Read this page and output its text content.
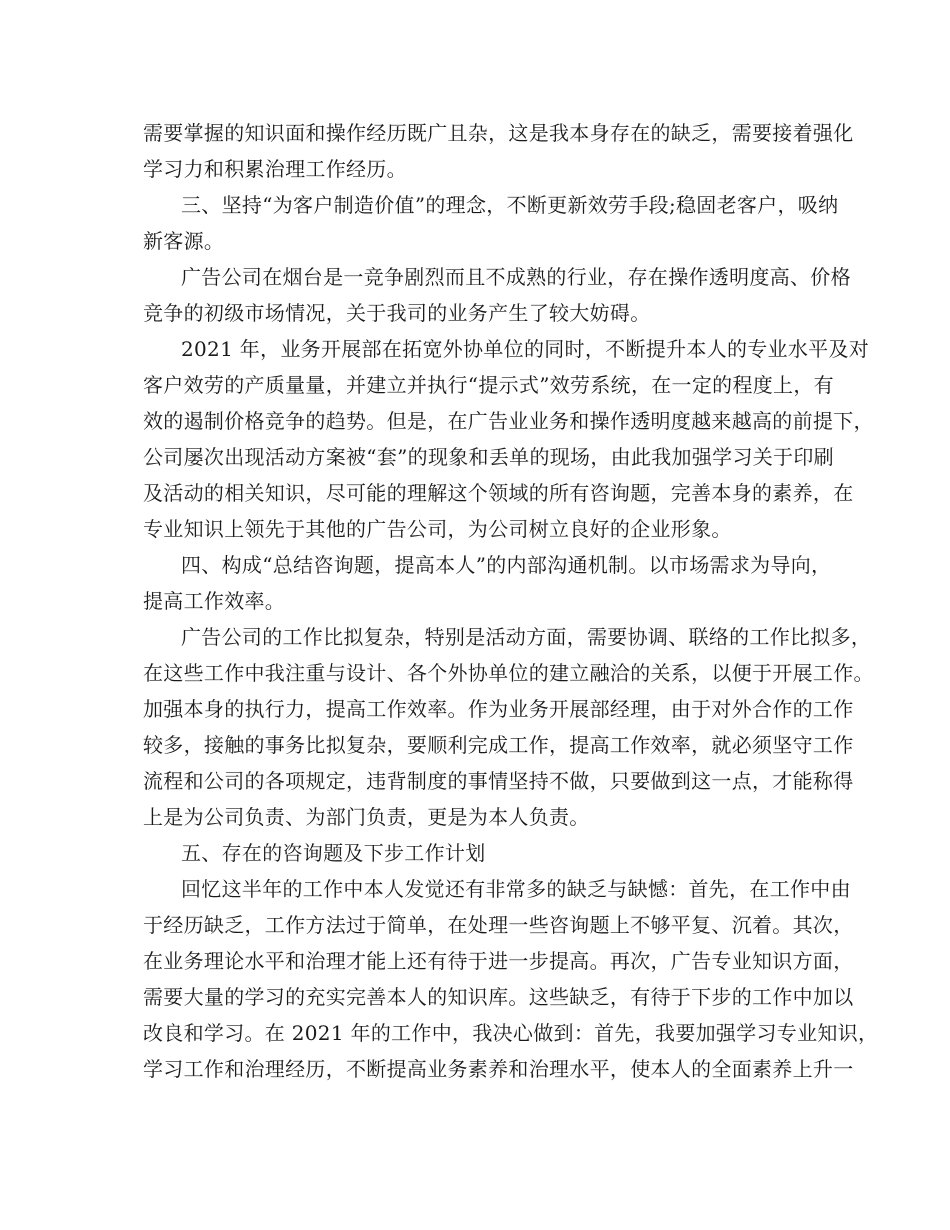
需要掌握的知识面和操作经历既广且杂，这是我本身存在的缺乏，需要接着强化
学习力和积累治理工作经历。
三、坚持“为客户制造价值”的理念，不断更新效劳手段;稳固老客户，吸纳
新客源。
广告公司在烟台是一竞争剧烈而且不成熟的行业，存在操作透明度高、价格
竞争的初级市场情况，关于我司的业务产生了较大妨碍。
2021 年，业务开展部在拓宽外协单位的同时，不断提升本人的专业水平及对
客户效劳的产质量量，并建立并执行“提示式”效劳系统，在一定的程度上，有
效的遏制价格竞争的趋势。但是，在广告业业务和操作透明度越来越高的前提下，
公司屡次出现活动方案被“套”的现象和丢单的现场，由此我加强学习关于印刷
及活动的相关知识，尽可能的理解这个领域的所有咨询题，完善本身的素养，在
专业知识上领先于其他的广告公司，为公司树立良好的企业形象。
四、构成“总结咨询题，提高本人”的内部沟通机制。以市场需求为导向，
提高工作效率。
广告公司的工作比拟复杂，特别是活动方面，需要协调、联络的工作比拟多，
在这些工作中我注重与设计、各个外协单位的建立融洽的关系，以便于开展工作。
加强本身的执行力，提高工作效率。作为业务开展部经理，由于对外合作的工作
较多，接触的事务比拟复杂，要顺利完成工作，提高工作效率，就必须坚守工作
流程和公司的各项规定，违背制度的事情坚持不做，只要做到这一点，才能称得
上是为公司负责、为部门负责，更是为本人负责。
五、存在的咨询题及下步工作计划
回忆这半年的工作中本人发觉还有非常多的缺乏与缺憾：首先，在工作中由
于经历缺乏，工作方法过于简单，在处理一些咨询题上不够平复、沉着。其次，
在业务理论水平和治理才能上还有待于进一步提高。再次，广告专业知识方面，
需要大量的学习的充实完善本人的知识库。这些缺乏，有待于下步的工作中加以
改良和学习。在 2021 年的工作中，我决心做到：首先，我要加强学习专业知识，
学习工作和治理经历，不断提高业务素养和治理水平，使本人的全面素养上升一
